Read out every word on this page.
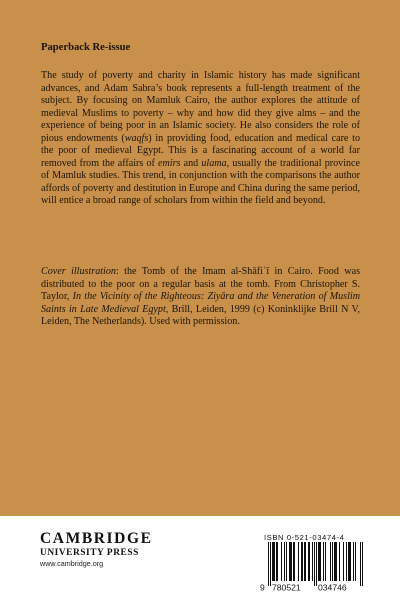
Paperback Re-issue

The study of poverty and charity in Islamic history has made significant advances, and Adam Sabra’s book represents a full-length treatment of the subject. By focusing on Mamluk Cairo, the author explores the attitude of medieval Muslims to poverty – why and how did they give alms – and the experience of being poor in an Islamic society. He also considers the role of pious endowments (waqfs) in providing food, education and medical care to the poor of medieval Egypt. This is a fascinating account of a world far removed from the affairs of emirs and ulama, usually the traditional province of Mamluk studies. This trend, in conjunction with the comparisons the author affords of poverty and destitution in Europe and China during the same period, will entice a broad range of scholars from within the field and beyond.

Cover illustration: the Tomb of the Imam al-Shāfiʿī in Cairo. Food was distributed to the poor on a regular basis at the tomb. From Christopher S. Taylor, In the Vicinity of the Righteous: Ziyāra and the Veneration of Muslim Saints in Late Medieval Egypt, Brill, Leiden, 1999 (c) Koninklijke Brill N V, Leiden, The Netherlands). Used with permission.

CAMBRIDGE
UNIVERSITY PRESS
www.cambridge.org
ISBN 0-521-03474-4
9 780521 034746
